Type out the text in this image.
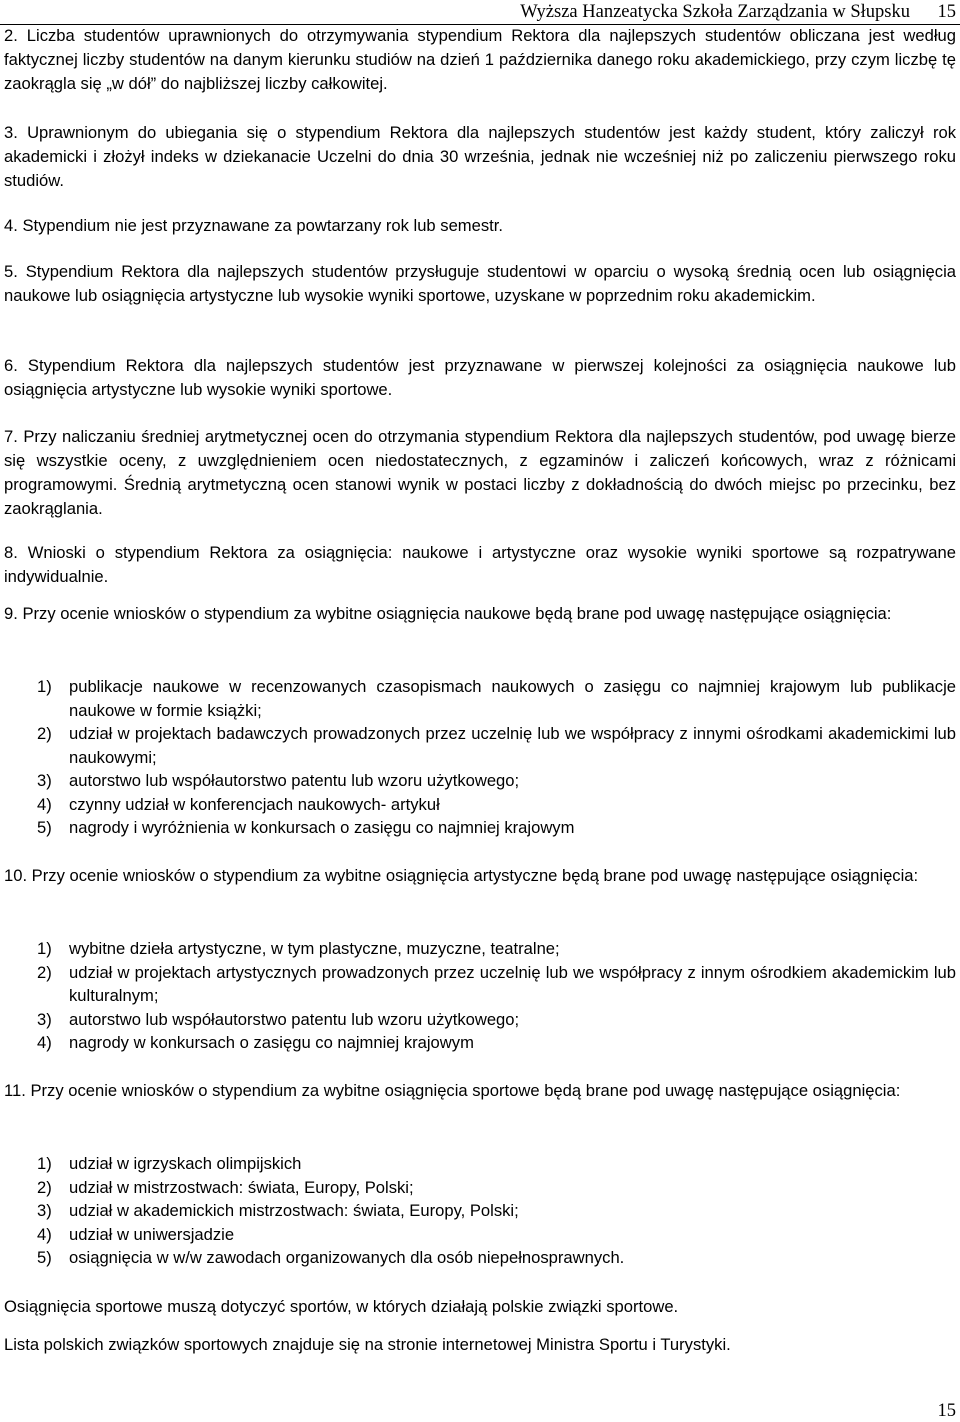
Wyższa Hanzeatycka Szkoła Zarządzania w Słupsku 15

2. Liczba studentów uprawnionych do otrzymywania stypendium Rektora dla najlepszych studentów obliczana jest według faktycznej liczby studentów na danym kierunku studiów na dzień 1 października danego roku akademickiego, przy czym liczbę tę zaokrągla się „w dół” do najbliższej liczby całkowitej.

3. Uprawnionym do ubiegania się o stypendium Rektora dla najlepszych studentów jest każdy student, który zaliczył rok akademicki i złożył indeks w dziekanacie Uczelni do dnia 30 września, jednak nie wcześniej niż po zaliczeniu pierwszego roku studiów.

4. Stypendium nie jest przyznawane za powtarzany rok lub semestr.

5. Stypendium Rektora dla najlepszych studentów przysługuje studentowi w oparciu o wysoką średnią ocen lub osiągnięcia naukowe lub osiągnięcia artystyczne lub wysokie wyniki sportowe, uzyskane w poprzednim roku akademickim.

6. Stypendium Rektora dla najlepszych studentów jest przyznawane w pierwszej kolejności za osiągnięcia naukowe lub osiągnięcia artystyczne lub wysokie wyniki sportowe.

7. Przy naliczaniu średniej arytmetycznej ocen do otrzymania stypendium Rektora dla najlepszych studentów, pod uwagę bierze się wszystkie oceny, z uwzględnieniem ocen niedostatecznych, z egzaminów i zaliczeń końcowych, wraz z różnicami programowymi. Średnią arytmetyczną ocen stanowi wynik w postaci liczby z dokładnością do dwóch miejsc po przecinku, bez zaokrąglania.

8. Wnioski o stypendium Rektora za osiągnięcia: naukowe i artystyczne oraz wysokie wyniki sportowe są rozpatrywane indywidualnie.

9. Przy ocenie wniosków o stypendium za wybitne osiągnięcia naukowe będą brane pod uwagę następujące osiągnięcia:

1) publikacje naukowe w recenzowanych czasopismach naukowych o zasięgu co najmniej krajowym lub publikacje naukowe w formie książki;
2) udział w projektach badawczych prowadzonych przez uczelnię lub we współpracy z innymi ośrodkami akademickimi lub naukowymi;
3) autorstwo lub współautorstwo patentu lub wzoru użytkowego;
4) czynny udział w konferencjach naukowych- artykuł
5) nagrody i wyróżnienia w konkursach o zasięgu co najmniej krajowym

10. Przy ocenie wniosków o stypendium za wybitne osiągnięcia artystyczne będą brane pod uwagę następujące osiągnięcia:

1) wybitne dzieła artystyczne, w tym plastyczne, muzyczne, teatralne;
2) udział w projektach artystycznych prowadzonych przez uczelnię lub we współpracy z innym ośrodkiem akademickim lub kulturalnym;
3) autorstwo lub współautorstwo patentu lub wzoru użytkowego;
4) nagrody w konkursach o zasięgu co najmniej krajowym

11. Przy ocenie wniosków o stypendium za wybitne osiągnięcia sportowe będą brane pod uwagę następujące osiągnięcia:

1) udział w igrzyskach olimpijskich
2) udział w mistrzostwach: świata, Europy, Polski;
3) udział w akademickich mistrzostwach: świata, Europy, Polski;
4) udział w uniwersjadzie
5) osiągnięcia w w/w zawodach organizowanych dla osób niepełnosprawnych.

Osiągnięcia sportowe muszą dotyczyć sportów, w których działają polskie związki sportowe.

Lista polskich związków sportowych znajduje się na stronie internetowej Ministra Sportu i Turystyki.

15
